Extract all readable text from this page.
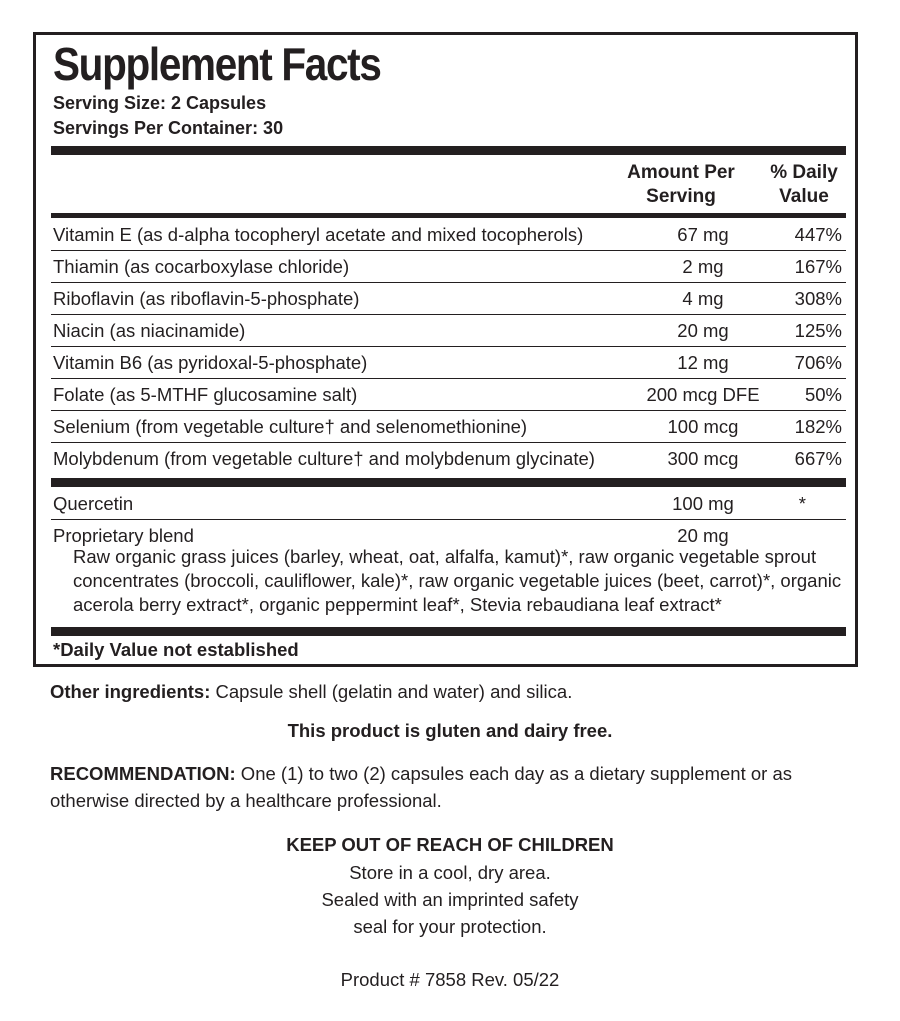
Supplement Facts
Serving Size: 2 Capsules
Servings Per Container: 30
Amount Per
Serving
% Daily
Value
Vitamin E (as d-alpha tocopheryl acetate and mixed tocopherols)	67 mg	447%
Thiamin (as cocarboxylase chloride)	2 mg	167%
Riboflavin (as riboflavin-5-phosphate)	4 mg	308%
Niacin (as niacinamide)	20 mg	125%
Vitamin B6 (as pyridoxal-5-phosphate)	12 mg	706%
Folate (as 5-MTHF glucosamine salt)	200 mcg DFE	50%
Selenium (from vegetable culture† and selenomethionine)	100 mcg	182%
Molybdenum (from vegetable culture† and molybdenum glycinate)	300 mcg	667%
Quercetin	100 mg	*
Proprietary blend	20 mg
Raw organic grass juices (barley, wheat, oat, alfalfa, kamut)*, raw organic vegetable sprout concentrates (broccoli, cauliflower, kale)*, raw organic vegetable juices (beet, carrot)*, organic acerola berry extract*, organic peppermint leaf*, Stevia rebaudiana leaf extract*
*Daily Value not established
Other ingredients: Capsule shell (gelatin and water) and silica.
This product is gluten and dairy free.
RECOMMENDATION: One (1) to two (2) capsules each day as a dietary supplement or as
otherwise directed by a healthcare professional.
KEEP OUT OF REACH OF CHILDREN
Store in a cool, dry area.
Sealed with an imprinted safety
seal for your protection.
Product # 7858 Rev. 05/22
